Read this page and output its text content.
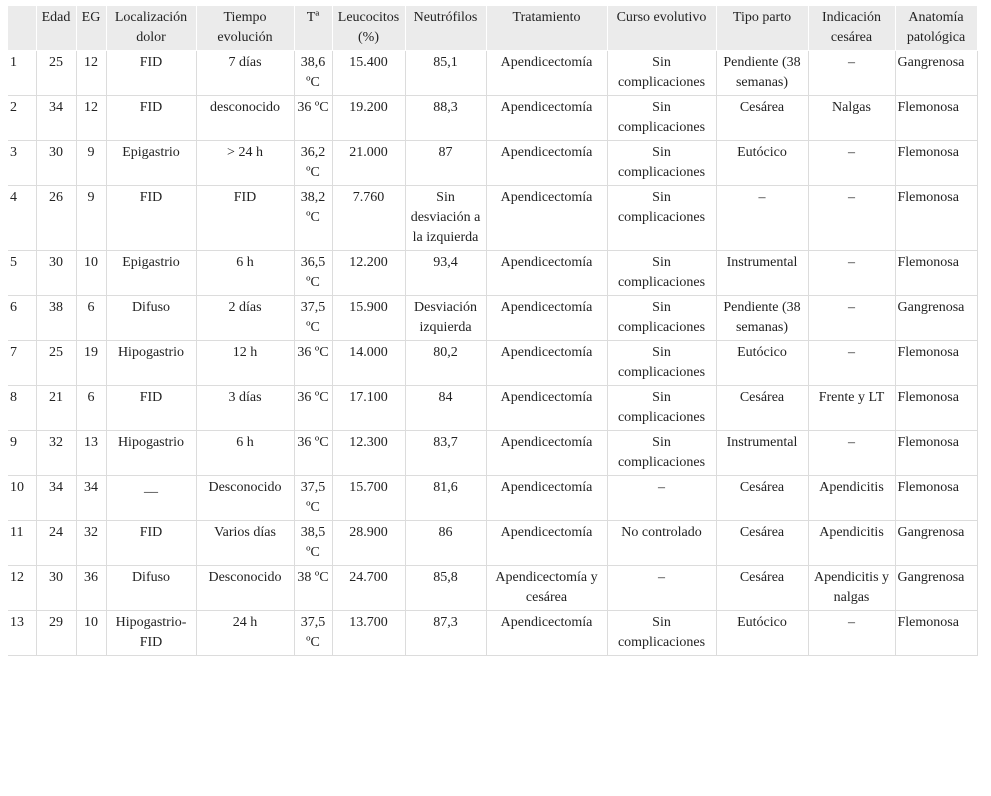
	Edad	EG	Localización dolor	Tiempo evolución	Tª	Leucocitos (%)	Neutrófilos	Tratamiento	Curso evolutivo	Tipo parto	Indicación cesárea	Anatomía patológica
1	25	12	FID	7 días	38,6 ºC	15.400	85,1	Apendicectomía	Sin complicaciones	Pendiente (38 semanas)	–	Gangrenosa
2	34	12	FID	desconocido	36 ºC	19.200	88,3	Apendicectomía	Sin complicaciones	Cesárea	Nalgas	Flemonosa
3	30	9	Epigastrio	> 24 h	36,2 ºC	21.000	87	Apendicectomía	Sin complicaciones	Eutócico	–	Flemonosa
4	26	9	FID	FID	38,2 ºC	7.760	Sin desviación a la izquierda	Apendicectomía	Sin complicaciones	–	–	Flemonosa
5	30	10	Epigastrio	6 h	36,5 ºC	12.200	93,4	Apendicectomía	Sin complicaciones	Instrumental	–	Flemonosa
6	38	6	Difuso	2 días	37,5 ºC	15.900	Desviación izquierda	Apendicectomía	Sin complicaciones	Pendiente (38 semanas)	–	Gangrenosa
7	25	19	Hipogastrio	12 h	36 ºC	14.000	80,2	Apendicectomía	Sin complicaciones	Eutócico	–	Flemonosa
8	21	6	FID	3 días	36 ºC	17.100	84	Apendicectomía	Sin complicaciones	Cesárea	Frente y LT	Flemonosa
9	32	13	Hipogastrio	6 h	36 ºC	12.300	83,7	Apendicectomía	Sin complicaciones	Instrumental	–	Flemonosa
10	34	34	__	Desconocido	37,5 ºC	15.700	81,6	Apendicectomía	–	Cesárea	Apendicitis	Flemonosa
11	24	32	FID	Varios días	38,5 ºC	28.900	86	Apendicectomía	No controlado	Cesárea	Apendicitis	Gangrenosa
12	30	36	Difuso	Desconocido	38 ºC	24.700	85,8	Apendicectomía y cesárea	–	Cesárea	Apendicitis y nalgas	Gangrenosa
13	29	10	Hipogastrio-FID	24 h	37,5 ºC	13.700	87,3	Apendicectomía	Sin complicaciones	Eutócico	–	Flemonosa
